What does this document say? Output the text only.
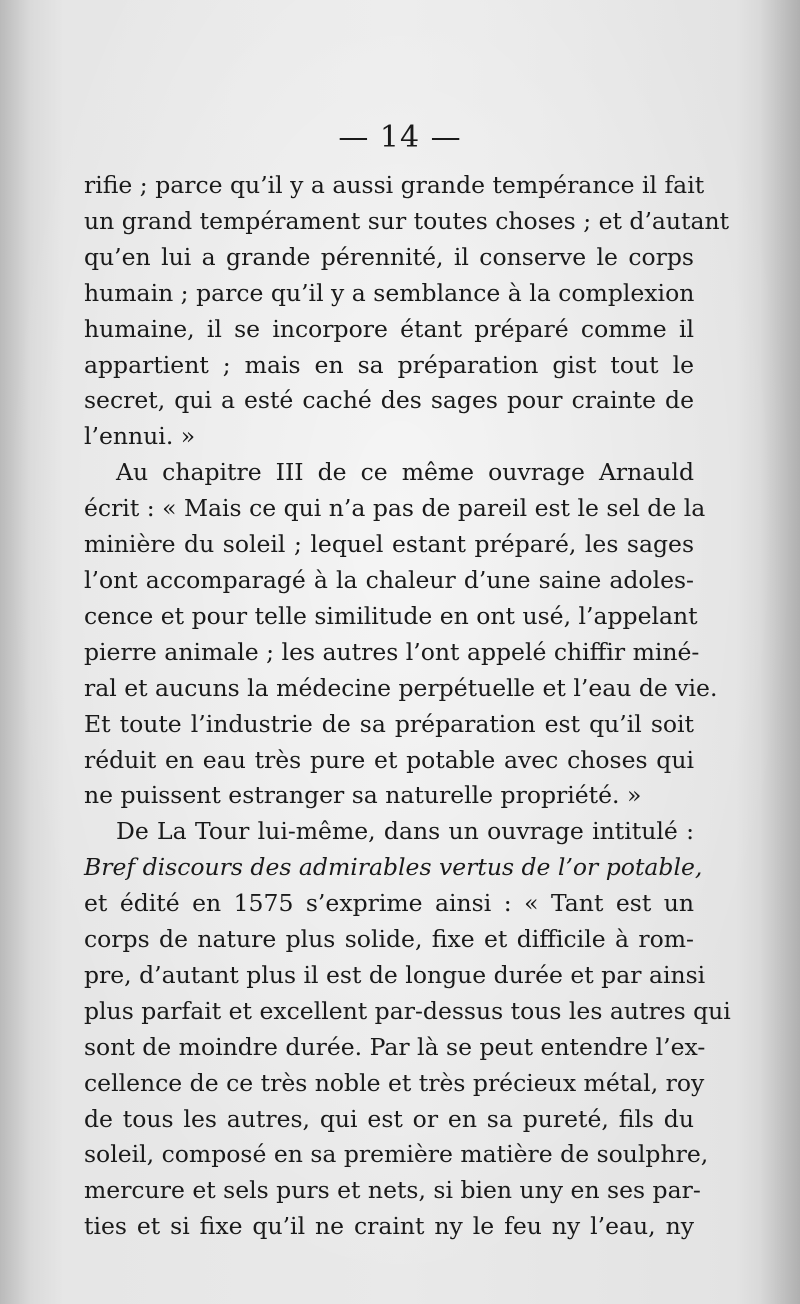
— 14 —
rifie ; parce qu’il y a aussi grande tempérance il fait
un grand tempérament sur toutes choses ; et d’autant
qu’en lui a grande pérennité, il conserve le corps
humain ; parce qu’il y a semblance à la complexion
humaine, il se incorpore étant préparé comme il
appartient ; mais en sa préparation gist tout le
secret, qui a esté caché des sages pour crainte de
l’ennui. »
Au chapitre III de ce même ouvrage Arnauld
écrit : « Mais ce qui n’a pas de pareil est le sel de la
minière du soleil ; lequel estant préparé, les sages
l’ont accomparagé à la chaleur d’une saine adoles-
cence et pour telle similitude en ont usé, l’appelant
pierre animale ; les autres l’ont appelé chiffir miné-
ral et aucuns la médecine perpétuelle et l’eau de vie.
Et toute l’industrie de sa préparation est qu’il soit
réduit en eau très pure et potable avec choses qui
ne puissent estranger sa naturelle propriété. »
De La Tour lui-même, dans un ouvrage intitulé :
Bref discours des admirables vertus de l’or potable,
et édité en 1575 s’exprime ainsi : « Tant est un
corps de nature plus solide, fixe et difficile à rom-
pre, d’autant plus il est de longue durée et par ainsi
plus parfait et excellent par-dessus tous les autres qui
sont de moindre durée. Par là se peut entendre l’ex-
cellence de ce très noble et très précieux métal, roy
de tous les autres, qui est or en sa pureté, fils du
soleil, composé en sa première matière de soulphre,
mercure et sels purs et nets, si bien uny en ses par-
ties et si fixe qu’il ne craint ny le feu ny l’eau, ny
